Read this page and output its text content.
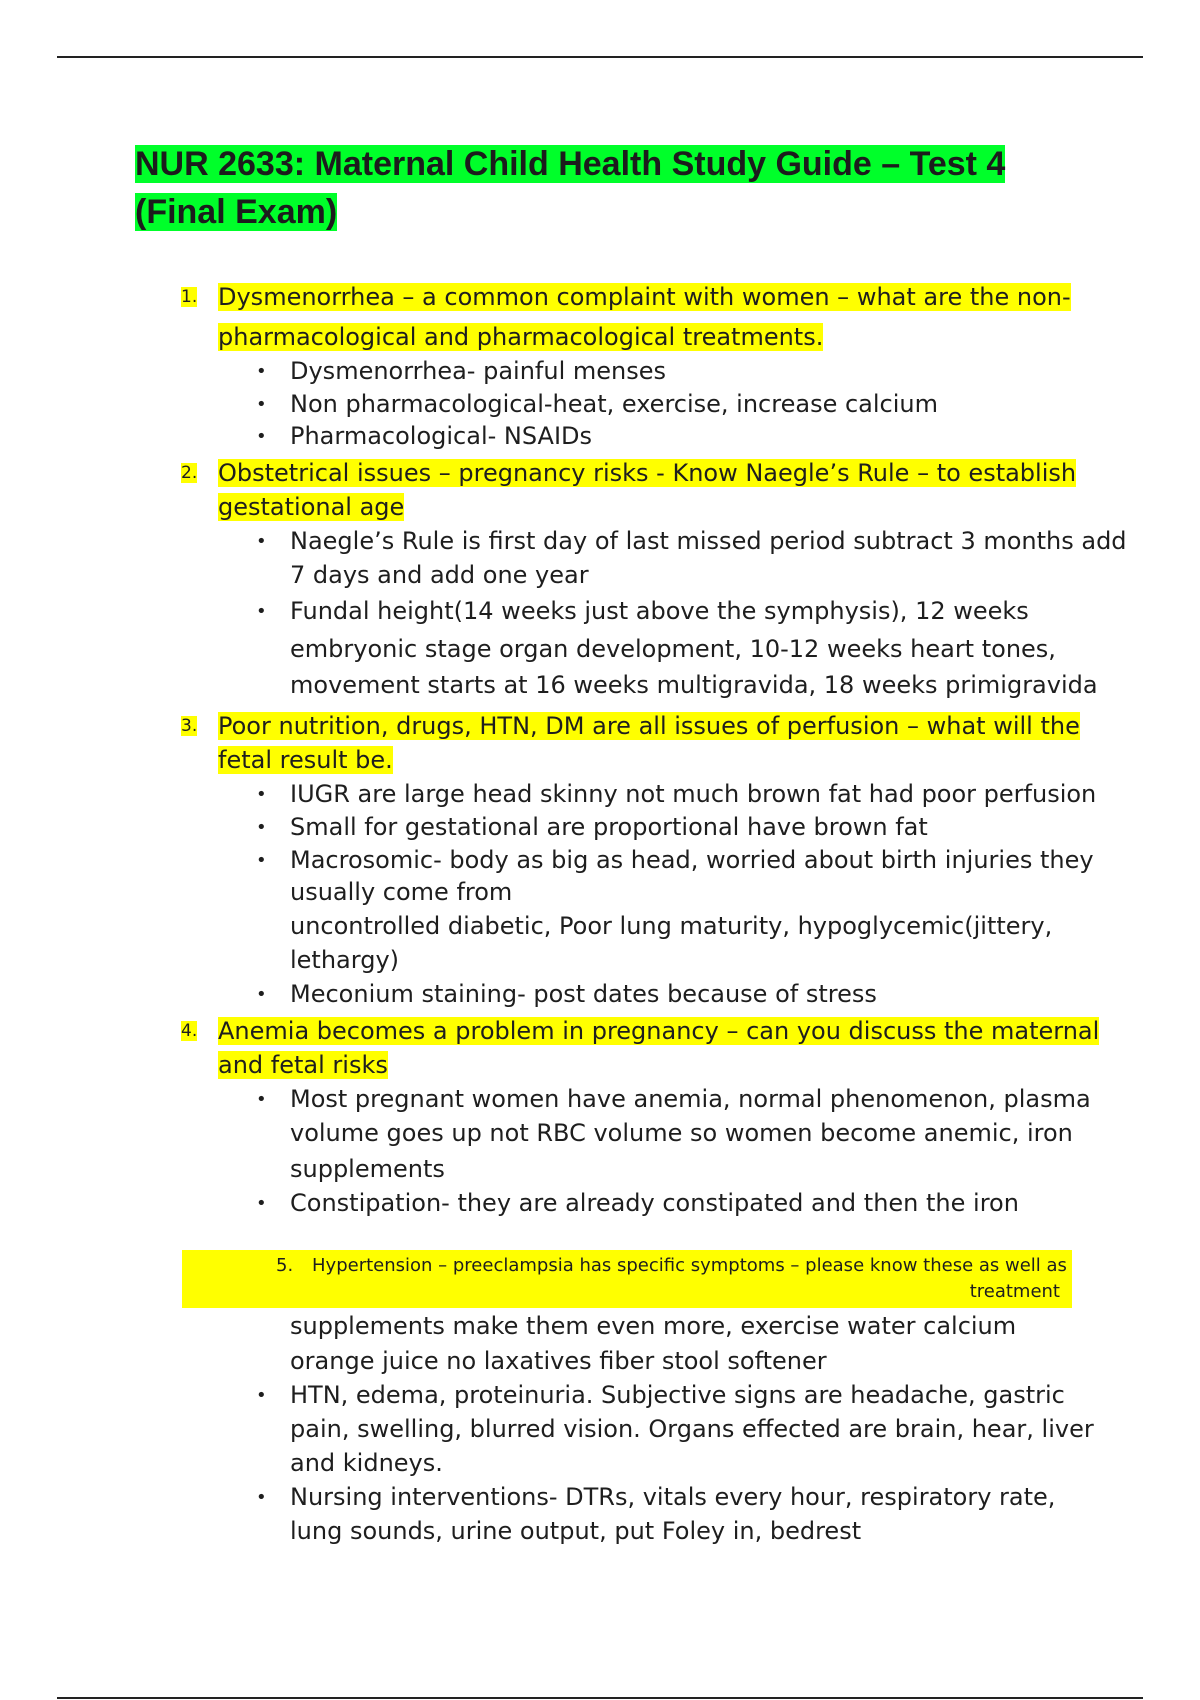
NUR 2633: Maternal Child Health Study Guide – Test 4
(Final Exam)
1. Dysmenorrhea – a common complaint with women – what are the non-

pharmacological and pharmacological treatments.

• Dysmenorrhea- painful menses

• Non pharmacological-heat, exercise, increase calcium

• Pharmacological- NSAIDs

2. Obstetrical issues – pregnancy risks - Know Naegle’s Rule – to establish

gestational age

• Naegle’s Rule is first day of last missed period subtract 3 months add

7 days and add one year

• Fundal height(14 weeks just above the symphysis), 12 weeks

embryonic stage organ development, 10-12 weeks heart tones,

movement starts at 16 weeks multigravida, 18 weeks primigravida

3. Poor nutrition, drugs, HTN, DM are all issues of perfusion – what will the

fetal result be.

• IUGR are large head skinny not much brown fat had poor perfusion

• Small for gestational are proportional have brown fat

• Macrosomic- body as big as head, worried about birth injuries they

usually come from

uncontrolled diabetic, Poor lung maturity, hypoglycemic(jittery,

lethargy)

• Meconium staining- post dates because of stress

4. Anemia becomes a problem in pregnancy – can you discuss the maternal

and fetal risks

• Most pregnant women have anemia, normal phenomenon, plasma

volume goes up not RBC volume so women become anemic, iron

supplements

• Constipation- they are already constipated and then the iron

5. Hypertension – preeclampsia has specific symptoms – please know these as well as
treatment

supplements make them even more, exercise water calcium

orange juice no laxatives fiber stool softener

• HTN, edema, proteinuria. Subjective signs are headache, gastric

pain, swelling, blurred vision. Organs effected are brain, hear, liver

and kidneys.

• Nursing interventions- DTRs, vitals every hour, respiratory rate,

lung sounds, urine output, put Foley in, bedrest
